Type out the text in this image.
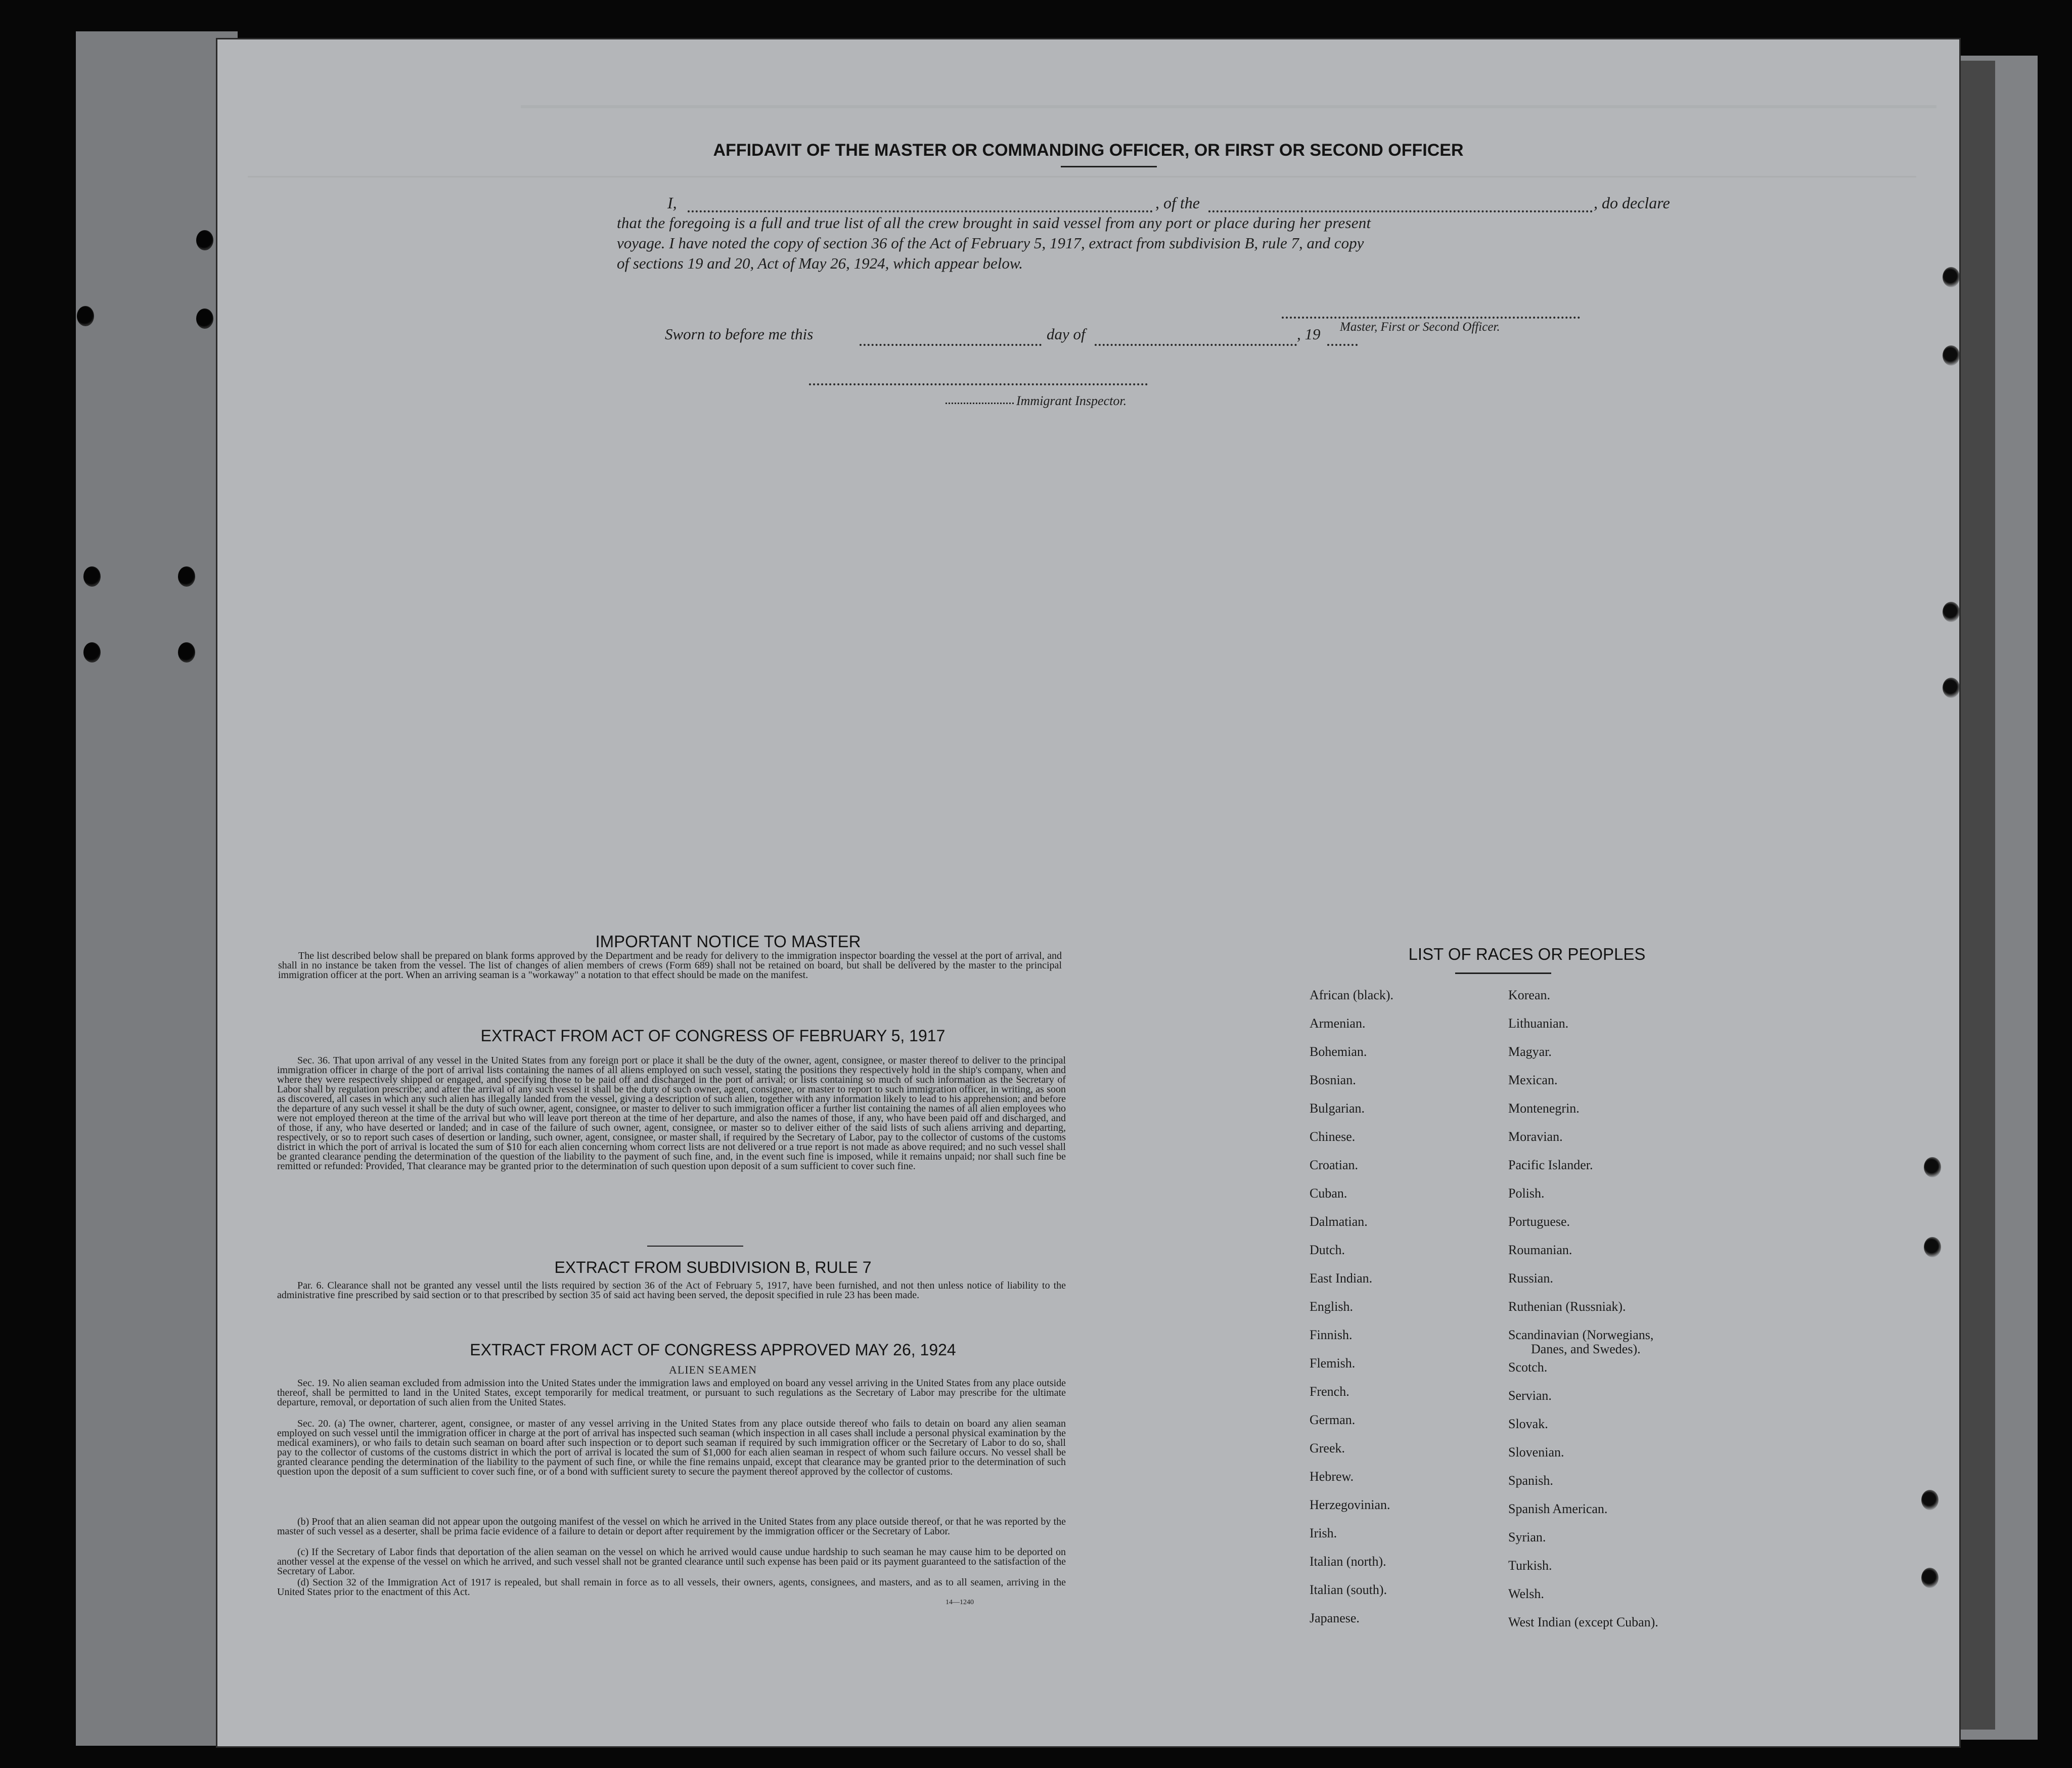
AFFIDAVIT OF THE MASTER OR COMMANDING OFFICER, OR FIRST OR SECOND OFFICER
I,	, of the	, do declare
that the foregoing is a full and true list of all the crew brought in said vessel from any port or place during her present
voyage. I have noted the copy of section 36 of the Act of February 5, 1917, extract from subdivision B, rule 7, and copy
of sections 19 and 20, Act of May 26, 1924, which appear below.
Master, First or Second Officer.
Sworn to before me this	day of	, 19
Immigrant Inspector.
IMPORTANT NOTICE TO MASTER
The list described below shall be prepared on blank forms approved by the Department and be ready for delivery to the immigration inspector boarding the vessel at the port of arrival, and shall in no instance be taken from the vessel. The list of changes of alien members of crews (Form 689) shall not be retained on board, but shall be delivered by the master to the principal immigration officer at the port. When an arriving seaman is a "workaway" a notation to that effect should be made on the manifest.
EXTRACT FROM ACT OF CONGRESS OF FEBRUARY 5, 1917
Sec. 36. That upon arrival of any vessel in the United States from any foreign port or place it shall be the duty of the owner, agent, consignee, or master thereof to deliver to the principal immigration officer in charge of the port of arrival lists containing the names of all aliens employed on such vessel, stating the positions they respectively hold in the ship's company, when and where they were respectively shipped or engaged, and specifying those to be paid off and discharged in the port of arrival; or lists containing so much of such information as the Secretary of Labor shall by regulation prescribe; and after the arrival of any such vessel it shall be the duty of such owner, agent, consignee, or master to report to such immigration officer, in writing, as soon as discovered, all cases in which any such alien has illegally landed from the vessel, giving a description of such alien, together with any information likely to lead to his apprehension; and before the departure of any such vessel it shall be the duty of such owner, agent, consignee, or master to deliver to such immigration officer a further list containing the names of all alien employees who were not employed thereon at the time of the arrival but who will leave port thereon at the time of her departure, and also the names of those, if any, who have been paid off and discharged, and of those, if any, who have deserted or landed; and in case of the failure of such owner, agent, consignee, or master so to deliver either of the said lists of such aliens arriving and departing, respectively, or so to report such cases of desertion or landing, such owner, agent, consignee, or master shall, if required by the Secretary of Labor, pay to the collector of customs of the customs district in which the port of arrival is located the sum of $10 for each alien concerning whom correct lists are not delivered or a true report is not made as above required; and no such vessel shall be granted clearance pending the determination of the question of the liability to the payment of such fine, and, in the event such fine is imposed, while it remains unpaid; nor shall such fine be remitted or refunded: Provided, That clearance may be granted prior to the determination of such question upon deposit of a sum sufficient to cover such fine.
EXTRACT FROM SUBDIVISION B, RULE 7
Par. 6. Clearance shall not be granted any vessel until the lists required by section 36 of the Act of February 5, 1917, have been furnished, and not then unless notice of liability to the administrative fine prescribed by said section or to that prescribed by section 35 of said act having been served, the deposit specified in rule 23 has been made.
EXTRACT FROM ACT OF CONGRESS APPROVED MAY 26, 1924
ALIEN SEAMEN
Sec. 19. No alien seaman excluded from admission into the United States under the immigration laws and employed on board any vessel arriving in the United States from any place outside thereof, shall be permitted to land in the United States, except temporarily for medical treatment, or pursuant to such regulations as the Secretary of Labor may prescribe for the ultimate departure, removal, or deportation of such alien from the United States.
Sec. 20. (a) The owner, charterer, agent, consignee, or master of any vessel arriving in the United States from any place outside thereof who fails to detain on board any alien seaman employed on such vessel until the immigration officer in charge at the port of arrival has inspected such seaman (which inspection in all cases shall include a personal physical examination by the medical examiners), or who fails to detain such seaman on board after such inspection or to deport such seaman if required by such immigration officer or the Secretary of Labor to do so, shall pay to the collector of customs of the customs district in which the port of arrival is located the sum of $1,000 for each alien seaman in respect of whom such failure occurs. No vessel shall be granted clearance pending the determination of the liability to the payment of such fine, or while the fine remains unpaid, except that clearance may be granted prior to the determination of such question upon the deposit of a sum sufficient to cover such fine, or of a bond with sufficient surety to secure the payment thereof approved by the collector of customs.
(b) Proof that an alien seaman did not appear upon the outgoing manifest of the vessel on which he arrived in the United States from any place outside thereof, or that he was reported by the master of such vessel as a deserter, shall be prima facie evidence of a failure to detain or deport after requirement by the immigration officer or the Secretary of Labor.
(c) If the Secretary of Labor finds that deportation of the alien seaman on the vessel on which he arrived would cause undue hardship to such seaman he may cause him to be deported on another vessel at the expense of the vessel on which he arrived, and such vessel shall not be granted clearance until such expense has been paid or its payment guaranteed to the satisfaction of the Secretary of Labor.
(d) Section 32 of the Immigration Act of 1917 is repealed, but shall remain in force as to all vessels, their owners, agents, consignees, and masters, and as to all seamen, arriving in the United States prior to the enactment of this Act.
14—1240
LIST OF RACES OR PEOPLES
African (black).
Armenian.
Bohemian.
Bosnian.
Bulgarian.
Chinese.
Croatian.
Cuban.
Dalmatian.
Dutch.
East Indian.
English.
Finnish.
Flemish.
French.
German.
Greek.
Hebrew.
Herzegovinian.
Irish.
Italian (north).
Italian (south).
Japanese.
Korean.
Lithuanian.
Magyar.
Mexican.
Montenegrin.
Moravian.
Pacific Islander.
Polish.
Portuguese.
Roumanian.
Russian.
Ruthenian (Russniak).
Scandinavian (Norwegians,
Danes, and Swedes).
Scotch.
Servian.
Slovak.
Slovenian.
Spanish.
Spanish American.
Syrian.
Turkish.
Welsh.
West Indian (except Cuban).
